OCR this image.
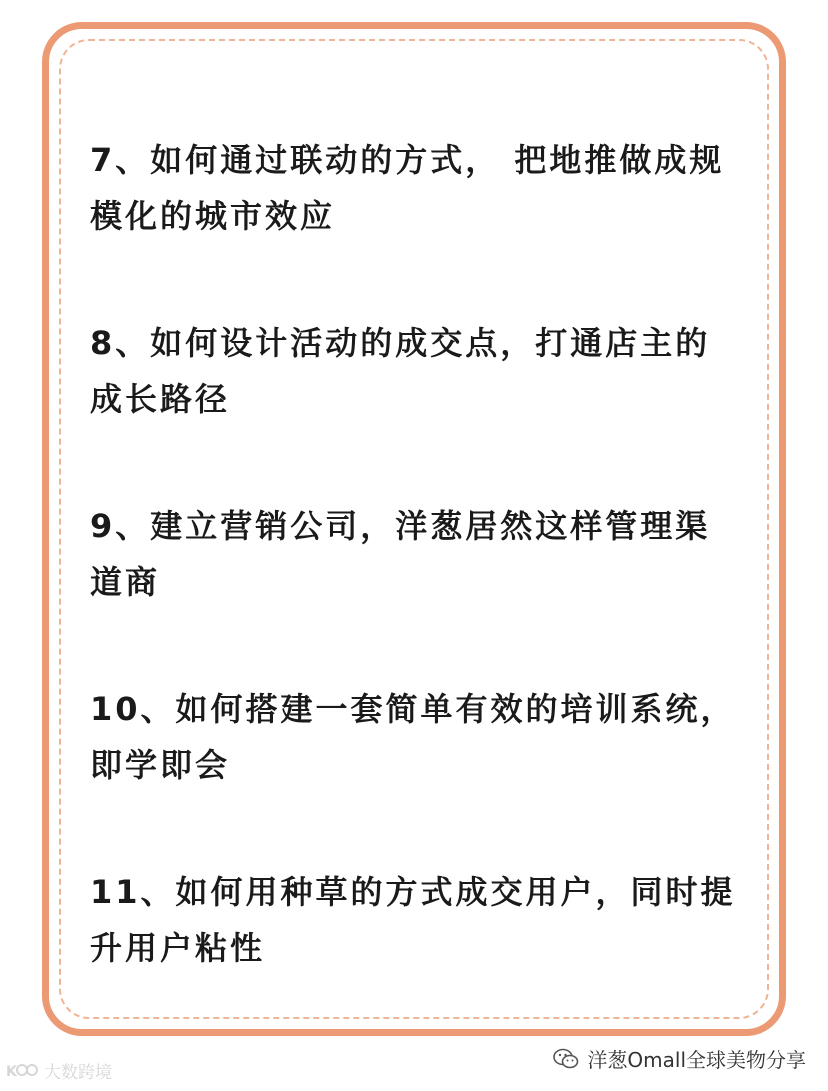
7、如何通过联动的方式， 把地推做成规模化的城市效应
8、如何设计活动的成交点，打通店主的成长路径
9、建立营销公司，洋葱居然这样管理渠道商
10、如何搭建一套简单有效的培训系统，即学即会
11、如何用种草的方式成交用户，同时提升用户粘性
K 大数跨境
洋葱Omall全球美物分享
